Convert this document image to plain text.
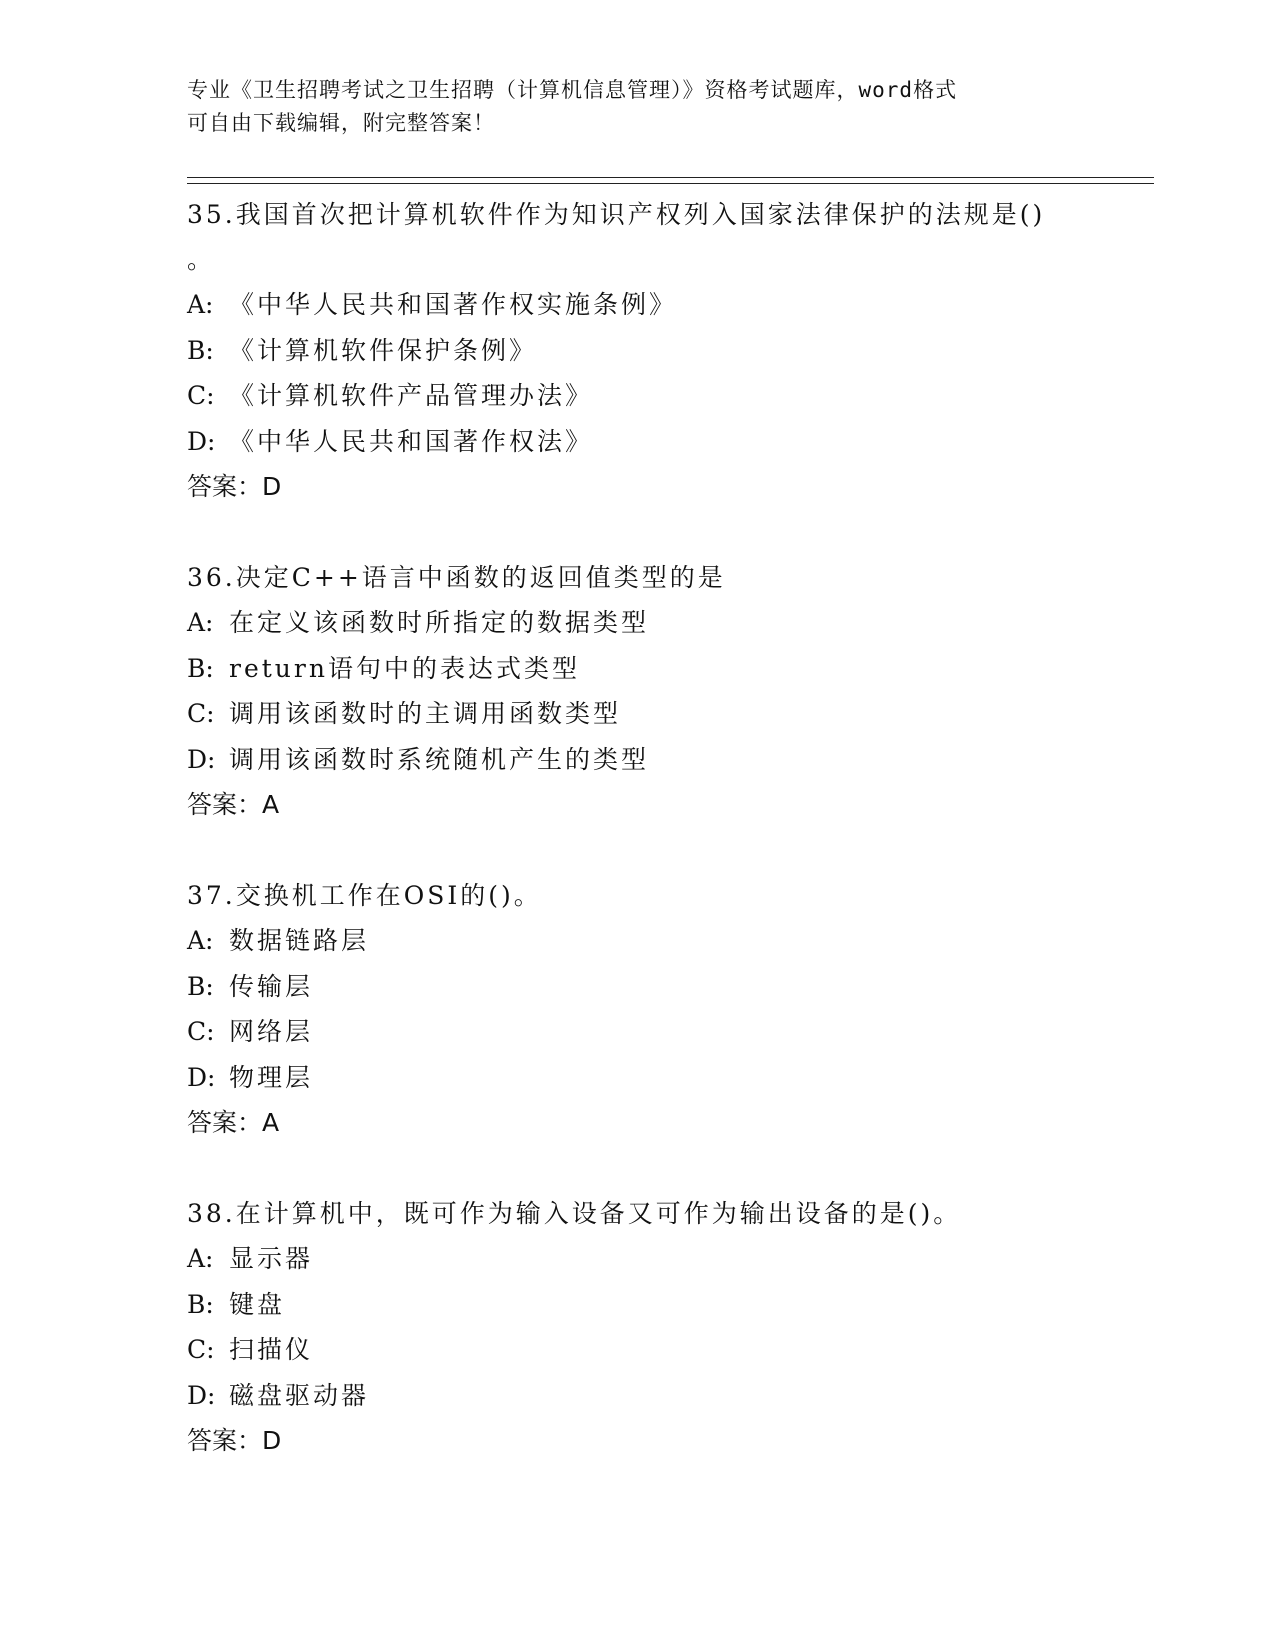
专业《卫生招聘考试之卫生招聘（计算机信息管理）》资格考试题库，word格式
可自由下载编辑，附完整答案！
35.我国首次把计算机软件作为知识产权列入国家法律保护的法规是()
。
A: 《中华人民共和国著作权实施条例》
B: 《计算机软件保护条例》
C: 《计算机软件产品管理办法》
D: 《中华人民共和国著作权法》
答案：D
36.决定C++语言中函数的返回值类型的是
A: 在定义该函数时所指定的数据类型
B: return语句中的表达式类型
C: 调用该函数时的主调用函数类型
D: 调用该函数时系统随机产生的类型
答案：A
37.交换机工作在OSI的()。
A: 数据链路层
B: 传输层
C: 网络层
D: 物理层
答案：A
38.在计算机中，既可作为输入设备又可作为输出设备的是()。
A: 显示器
B: 键盘
C: 扫描仪
D: 磁盘驱动器
答案：D
